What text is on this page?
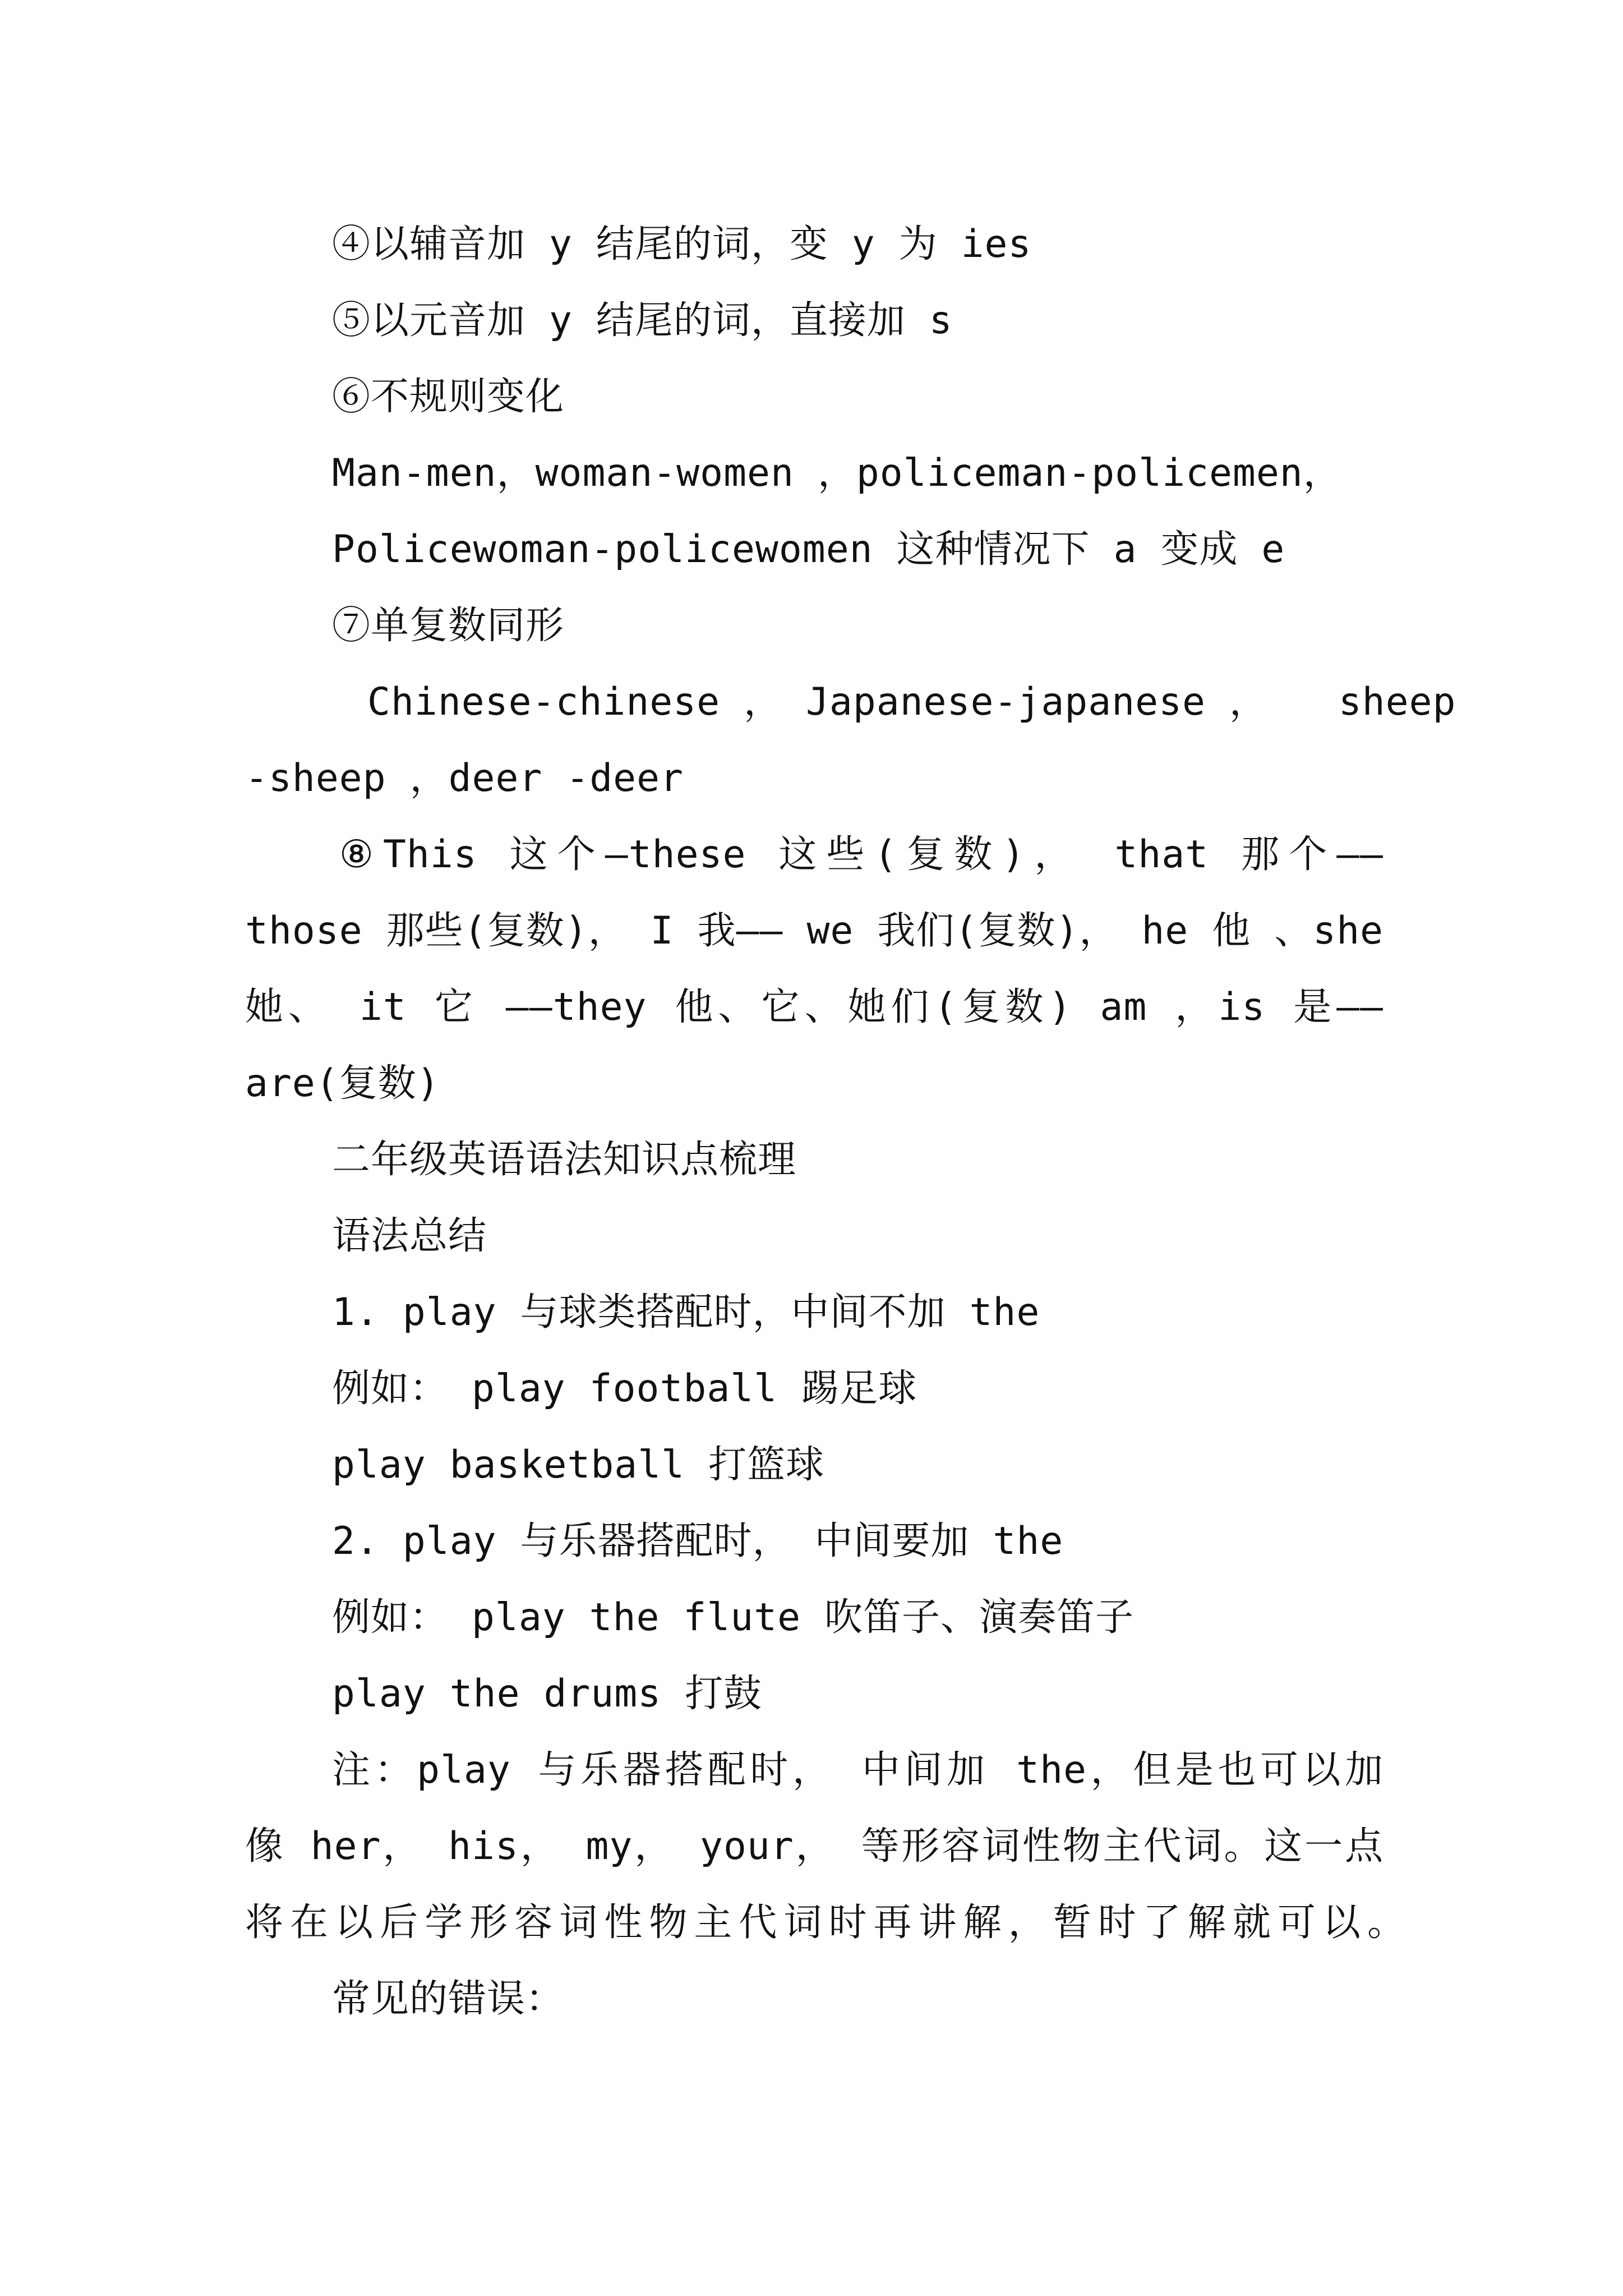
④以辅音加 y 结尾的词，变 y 为 ies
⑤以元音加 y 结尾的词，直接加 s
⑥不规则变化
Man-men，woman-women ，policeman-policemen，
Policewoman-policewomen 这种情况下 a 变成 e
⑦单复数同形
Chinese-chinese ， Japanese-japanese ，   sheep
-sheep ，deer -deer
⑧This 这个—these 这些(复数)， that 那个——
those 那些(复数)， I 我—— we 我们(复数)， he 他 、she
她、 it 它 ——they 他、它、她们(复数) am ，is 是——
are(复数)
二年级英语语法知识点梳理
语法总结
1. play 与球类搭配时，中间不加 the
例如： play football 踢足球
play basketball 打篮球
2. play 与乐器搭配时， 中间要加 the
例如： play the flute 吹笛子、演奏笛子
play the drums 打鼓
注：play 与乐器搭配时， 中间加 the，但是也可以加
像 her， his， my， your， 等形容词性物主代词。这一点
将在以后学形容词性物主代词时再讲解，暂时了解就可以。
常见的错误：
